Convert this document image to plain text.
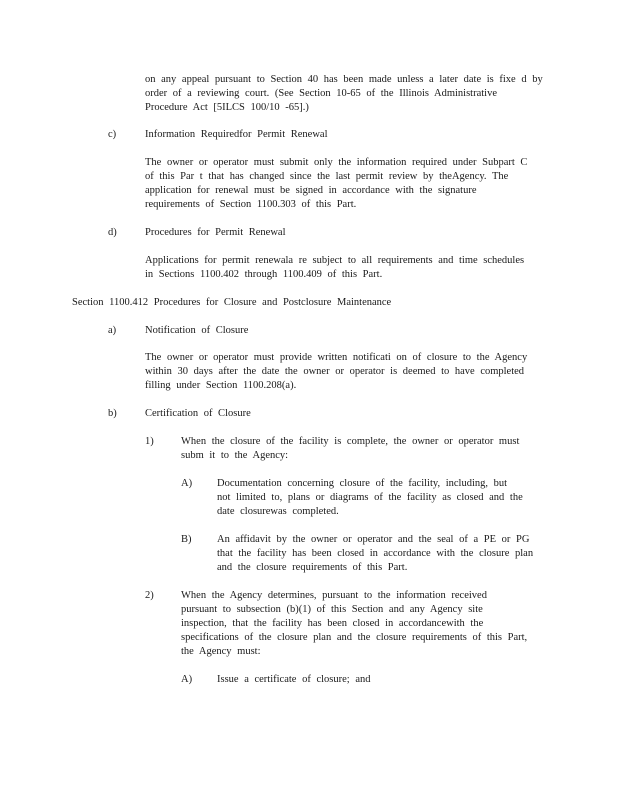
on any appeal pursuant to Section 40 has been made unless a later date is fixe d by
order of a reviewing court. (See Section 10-65 of the Illinois Administrative
Procedure Act [5ILCS 100/10 -65].)
c)	Information Requiredfor Permit Renewal
The owner or operator must submit only the information required under Subpart C
of this Par t that has changed since the last permit review by theAgency. The
application for renewal must be signed in accordance with the signature
requirements of Section 1100.303 of this Part.
d)	Procedures for Permit Renewal
Applications for permit renewala re subject to all requirements and time schedules
in Sections 1100.402 through 1100.409 of this Part.
Section 1100.412 Procedures for Closure and Postclosure Maintenance
a)	Notification of Closure
The owner or operator must provide written notificati on of closure to the Agency
within 30 days after the date the owner or operator is deemed to have completed
filling under Section 1100.208(a).
b)	Certification of Closure
1)	When the closure of the facility is complete, the owner or operator must
subm it to the Agency:
A) Documentation concerning closure of the facility, including, but
not limited to, plans or diagrams of the facility as closed and the
date closurewas completed.
B) An affidavit by the owner or operator and the seal of a PE or PG
that the facility has been closed in accordance with the closure plan
and the closure requirements of this Part.
2)	When the Agency determines, pursuant to the information received
pursuant to subsection (b)(1) of this Section and any Agency site
inspection, that the facility has been closed in accordancewith the
specifications of the closure plan and the closure requirements of this Part,
the Agency must:
A) Issue a certificate of closure; and
